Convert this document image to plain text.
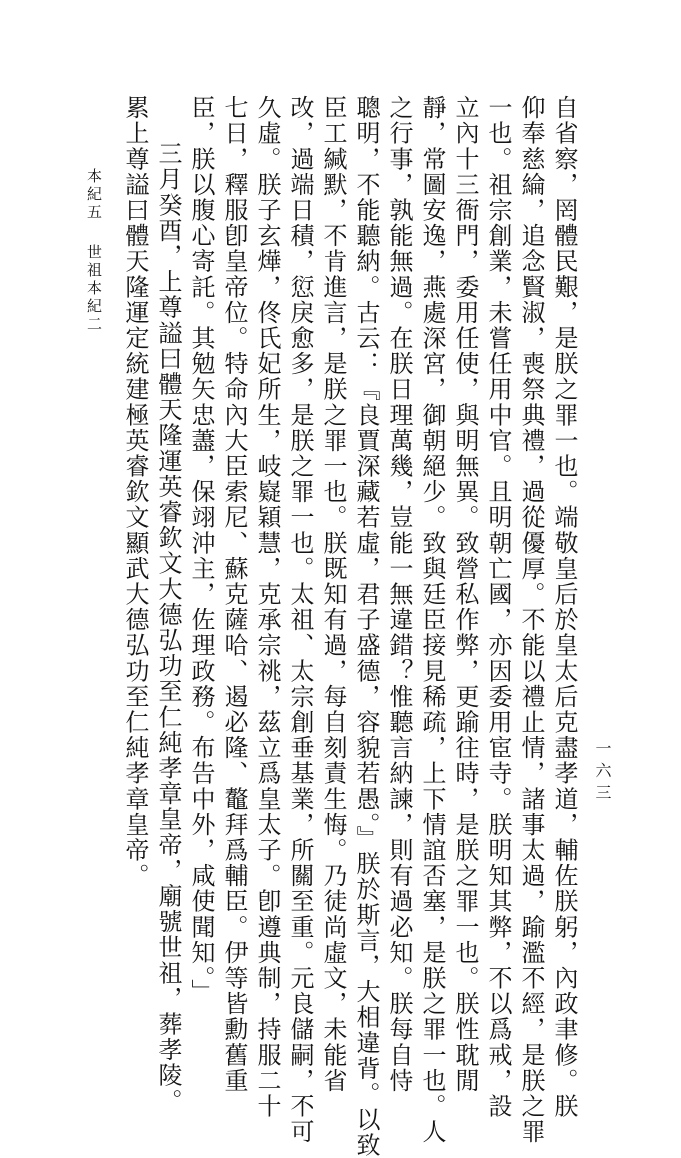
自省察，罔體民艱，是朕之罪一也。端敬皇后於皇太后克盡孝道，輔佐朕躬，內政聿修。朕
仰奉慈綸，追念賢淑，喪祭典禮，過從優厚。不能以禮止情，諸事太過，踰濫不經，是朕之罪
一也。祖宗創業，未嘗任用中官。且明朝亡國，亦因委用宦寺。朕明知其弊，不以爲戒，設
立內十三衙門，委用任使，與明無異。致營私作弊，更踰往時，是朕之罪一也。朕性耽閒
靜，常圖安逸，燕處深宮，御朝絕少。致與廷臣接見稀疏，上下情誼否塞，是朕之罪一也。人
之行事，孰能無過。在朕日理萬幾，豈能一無違錯？惟聽言納諫，則有過必知。朕每自恃
聰明，不能聽納。古云：『良賈深藏若虛，君子盛德，容貌若愚。』朕於斯言，大相違背。以致
臣工緘默，不肯進言，是朕之罪一也。朕既知有過，每自刻責生悔。乃徒尚虛文，未能省
改，過端日積，愆戾愈多，是朕之罪一也。太祖、太宗創垂基業，所關至重。元良儲嗣，不可
久虛。朕子玄燁，佟氏妃所生，岐嶷穎慧，克承宗祧，茲立爲皇太子。卽遵典制，持服二十
七日，釋服卽皇帝位。特命內大臣索尼、蘇克薩哈、遏必隆、鼇拜爲輔臣。伊等皆勳舊重
臣，朕以腹心寄託。其勉矢忠藎，保翊沖主，佐理政務。布告中外，咸使聞知。」
三月癸酉，上尊謚曰體天隆運英睿欽文大德弘功至仁純孝章皇帝，廟號世祖，葬孝陵。
累上尊謚曰體天隆運定統建極英睿欽文顯武大德弘功至仁純孝章皇帝。
本紀五世祖本紀二
一六三
